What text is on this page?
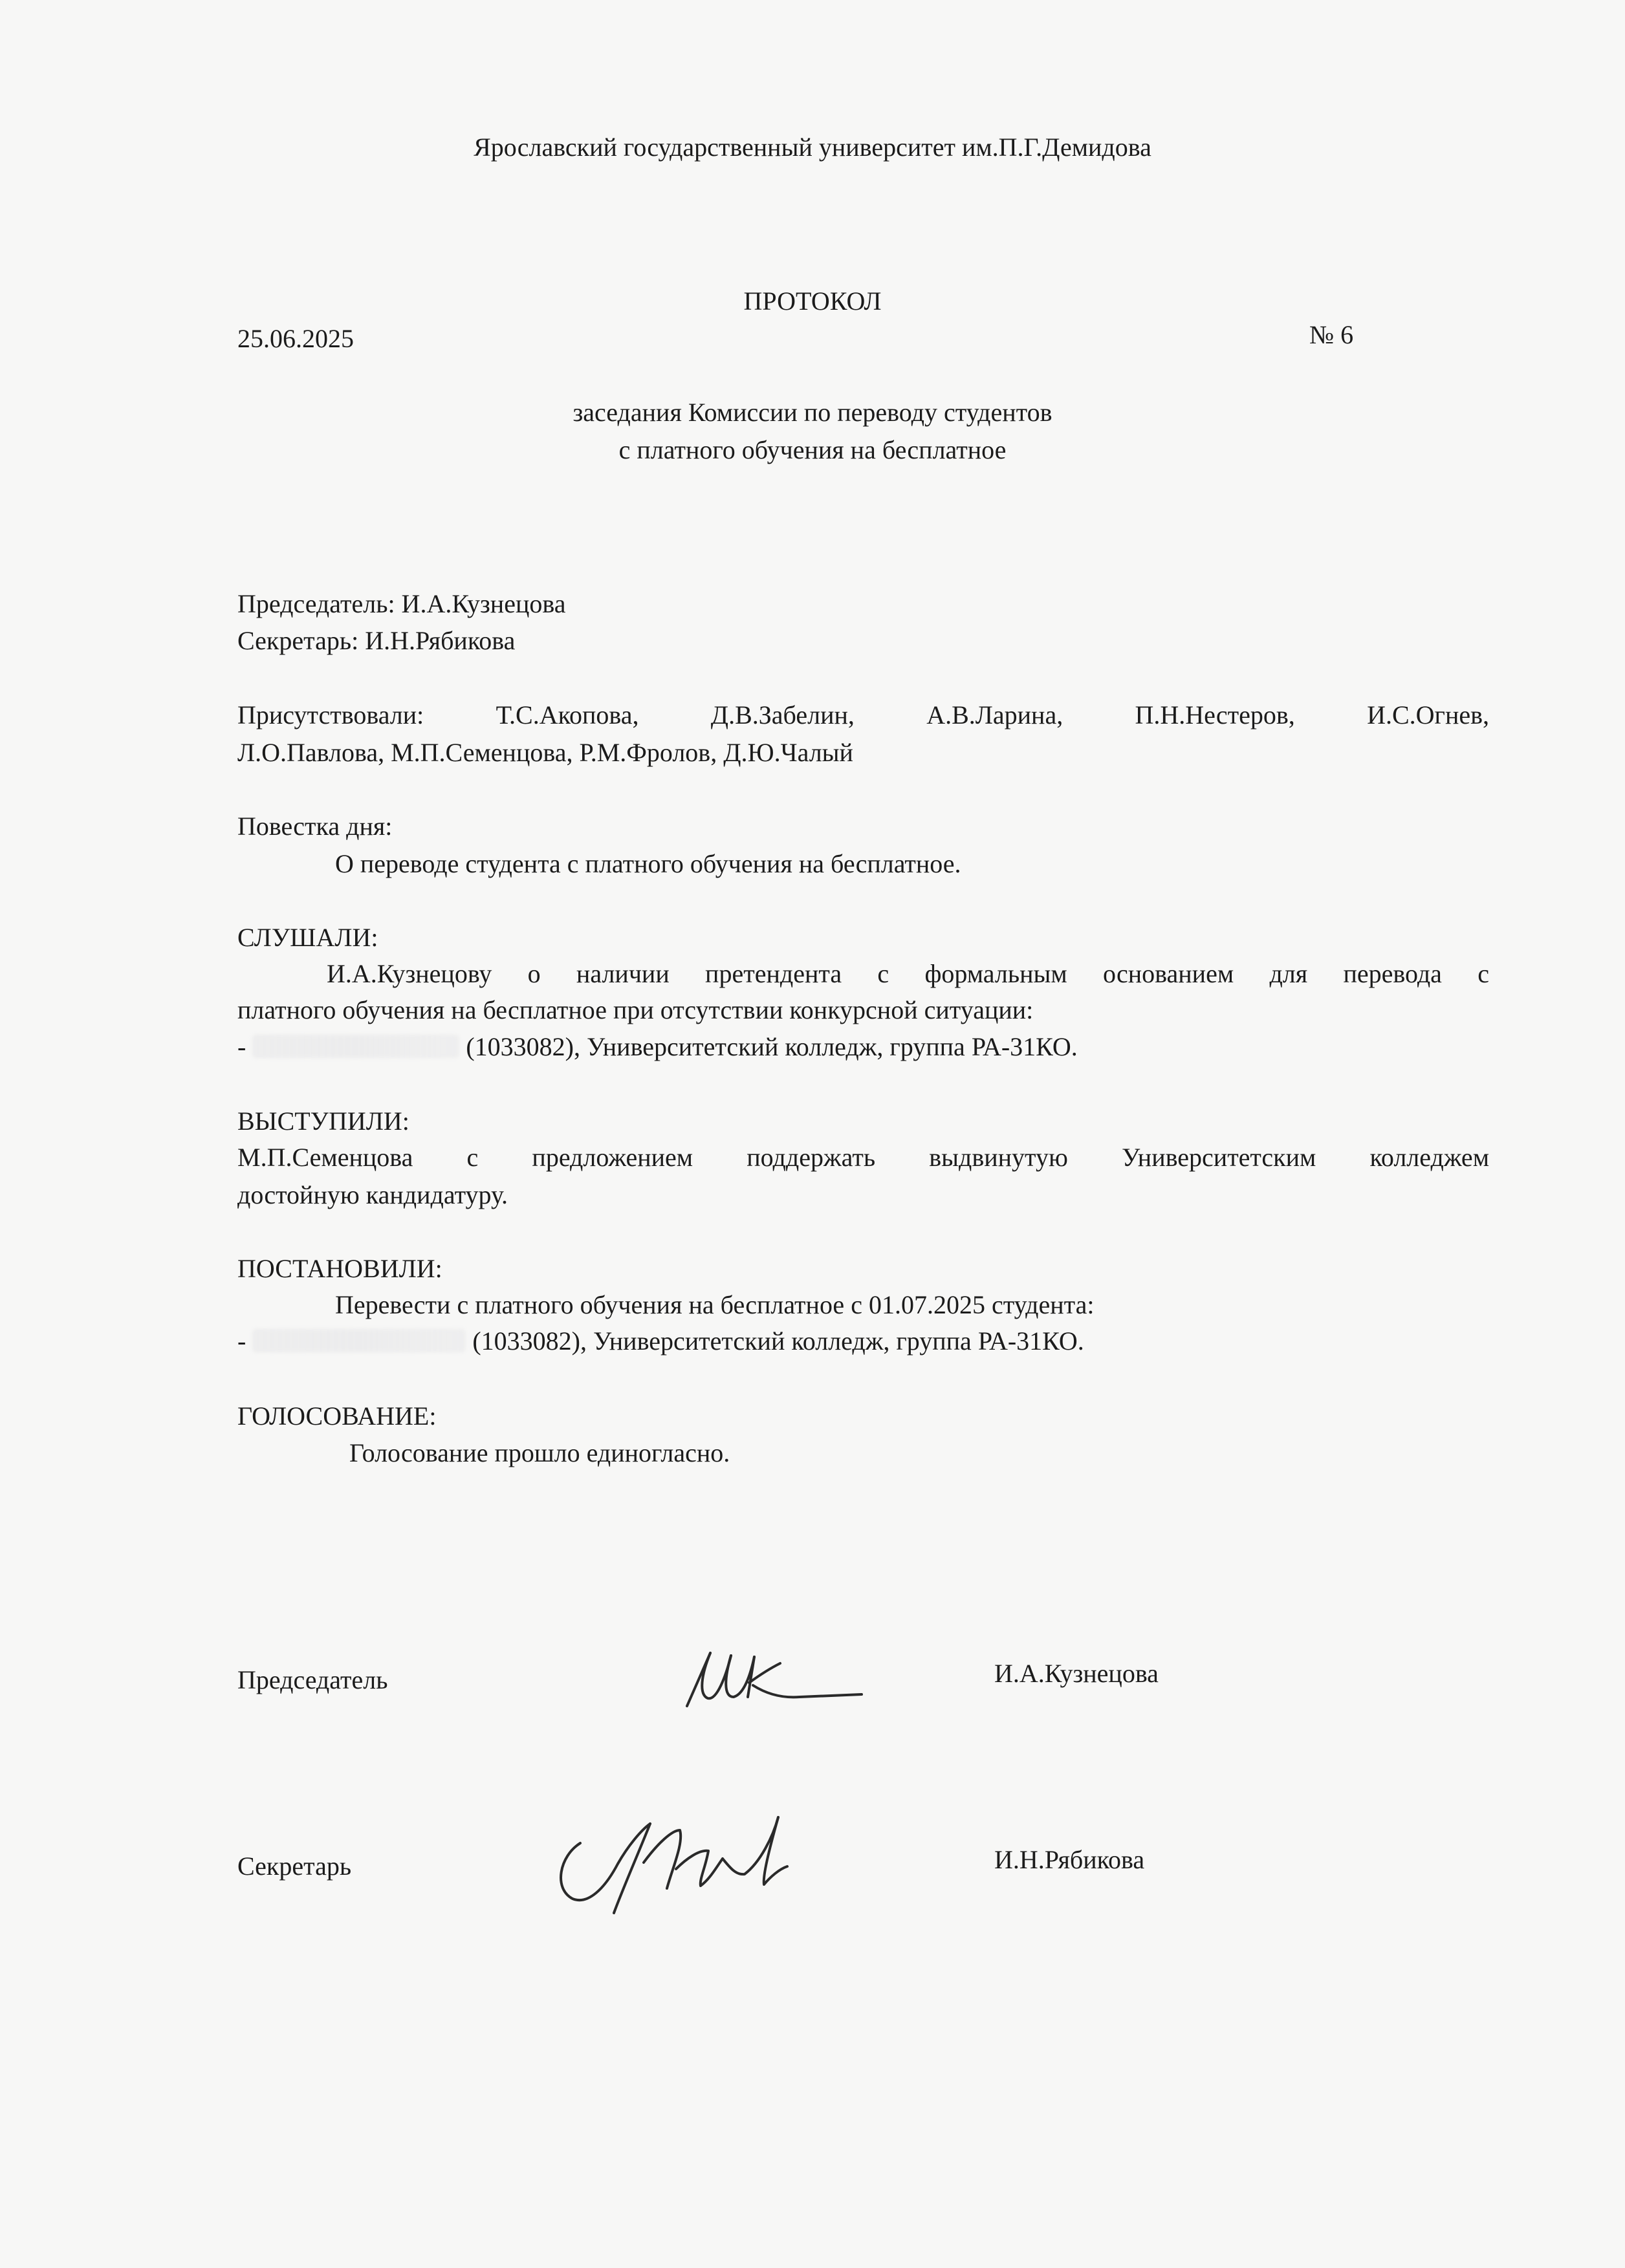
Ярославский государственный университет им.П.Г.Демидова
ПРОТОКОЛ
25.06.2025	№ 6
заседания Комиссии по переводу студентов
с платного обучения на бесплатное
Председатель: И.А.Кузнецова
Секретарь: И.Н.Рябикова
Присутствовали: Т.С.Акопова, Д.В.Забелин, А.В.Ларина, П.Н.Нестеров, И.С.Огнев,
Л.О.Павлова, М.П.Семенцова, Р.М.Фролов, Д.Ю.Чалый
Повестка дня:
О переводе студента с платного обучения на бесплатное.
СЛУШАЛИ:
И.А.Кузнецову о наличии претендента с формальным основанием для перевода с
платного обучения на бесплатное при отсутствии конкурсной ситуации:
-	(1033082), Университетский колледж, группа РА-31КО.
ВЫСТУПИЛИ:
М.П.Семенцова с предложением поддержать выдвинутую Университетским колледжем
достойную кандидатуру.
ПОСТАНОВИЛИ:
Перевести с платного обучения на бесплатное с 01.07.2025 студента:
-	(1033082), Университетский колледж, группа РА-31КО.
ГОЛОСОВАНИЕ:
Голосование прошло единогласно.
Председатель	И.А.Кузнецова
Секретарь	И.Н.Рябикова
